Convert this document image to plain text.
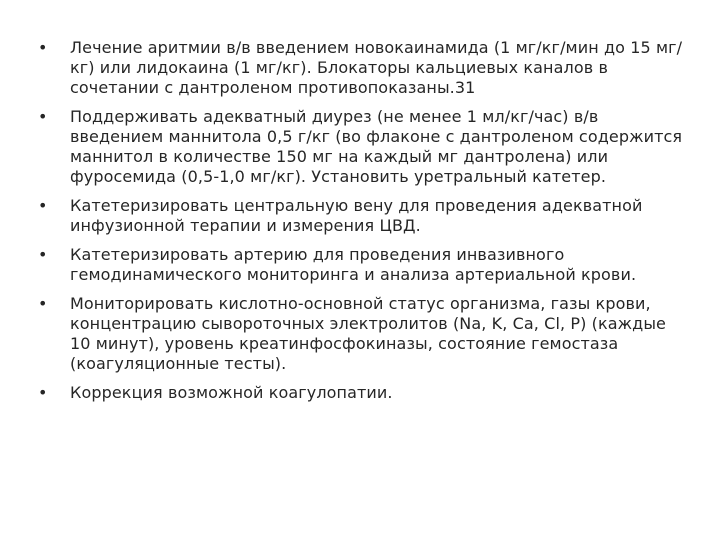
• Лечение аритмии в/в введением новокаинамида (1 мг/кг/мин до 15 мг/кг) или лидокаина (1 мг/кг). Блокаторы кальциевых каналов в сочетании с дантроленом противопоказаны.31
• Поддерживать адекватный диурез (не менее 1 мл/кг/час) в/в введением маннитола 0,5 г/кг (во флаконе с дантроленом содержится маннитол в количестве 150 мг на каждый мг дантролена) или фуросемида (0,5-1,0 мг/кг). Установить уретральный катетер.
• Катетеризировать центральную вену для проведения адекватной инфузионной терапии и измерения ЦВД.
• Катетеризировать артерию для проведения инвазивного гемодинамического мониторинга и анализа артериальной крови.
• Мониторировать кислотно-основной статус организма, газы крови, концентрацию сывороточных электролитов (Na, K, Ca, Cl, P) (каждые 10 минут), уровень креатинфосфокиназы, состояние гемостаза (коагуляционные тесты).
• Коррекция возможной коагулопатии.
